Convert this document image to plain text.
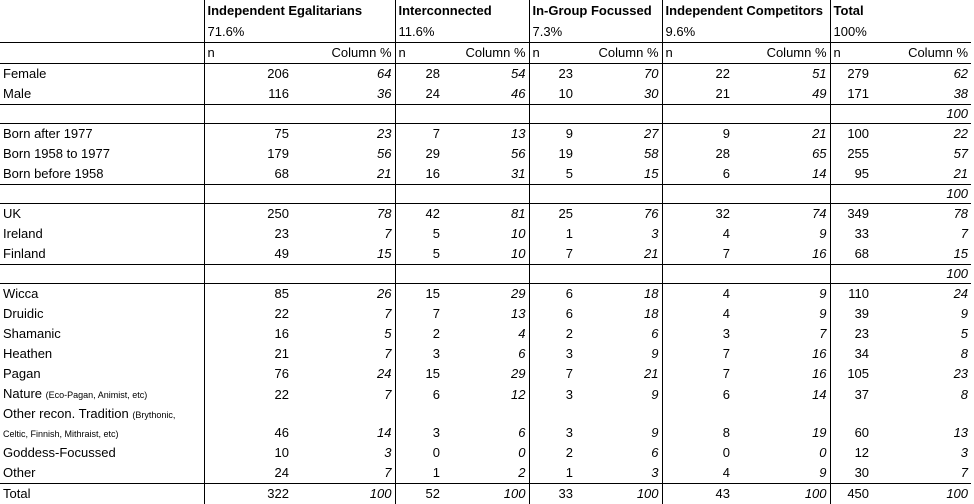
	Independent Egalitarians		Interconnected		In-Group Focussed		Independent Competitors		Total	
	71.6%		11.6%		7.3%		9.6%		100%	
	n	Column %	n	Column %	n	Column %	n	Column %	n	Column %
Female	206	64	28	54	23	70	22	51	279	62
Male	116	36	24	46	10	30	21	49	171	38
										100
Born after 1977	75	23	7	13	9	27	9	21	100	22
Born 1958 to 1977	179	56	29	56	19	58	28	65	255	57
Born before 1958	68	21	16	31	5	15	6	14	95	21
										100
UK	250	78	42	81	25	76	32	74	349	78
Ireland	23	7	5	10	1	3	4	9	33	7
Finland	49	15	5	10	7	21	7	16	68	15
										100
Wicca	85	26	15	29	6	18	4	9	110	24
Druidic	22	7	7	13	6	18	4	9	39	9
Shamanic	16	5	2	4	2	6	3	7	23	5
Heathen	21	7	3	6	3	9	7	16	34	8
Pagan	76	24	15	29	7	21	7	16	105	23
Nature (Eco-Pagan, Animist, etc)	22	7	6	12	3	9	6	14	37	8
Other recon. Tradition (Brythonic, Celtic, Finnish, Mithraist, etc)	46	14	3	6	3	9	8	19	60	13
Goddess-Focussed	10	3	0	0	2	6	0	0	12	3
Other	24	7	1	2	1	3	4	9	30	7
Total	322	100	52	100	33	100	43	100	450	100
